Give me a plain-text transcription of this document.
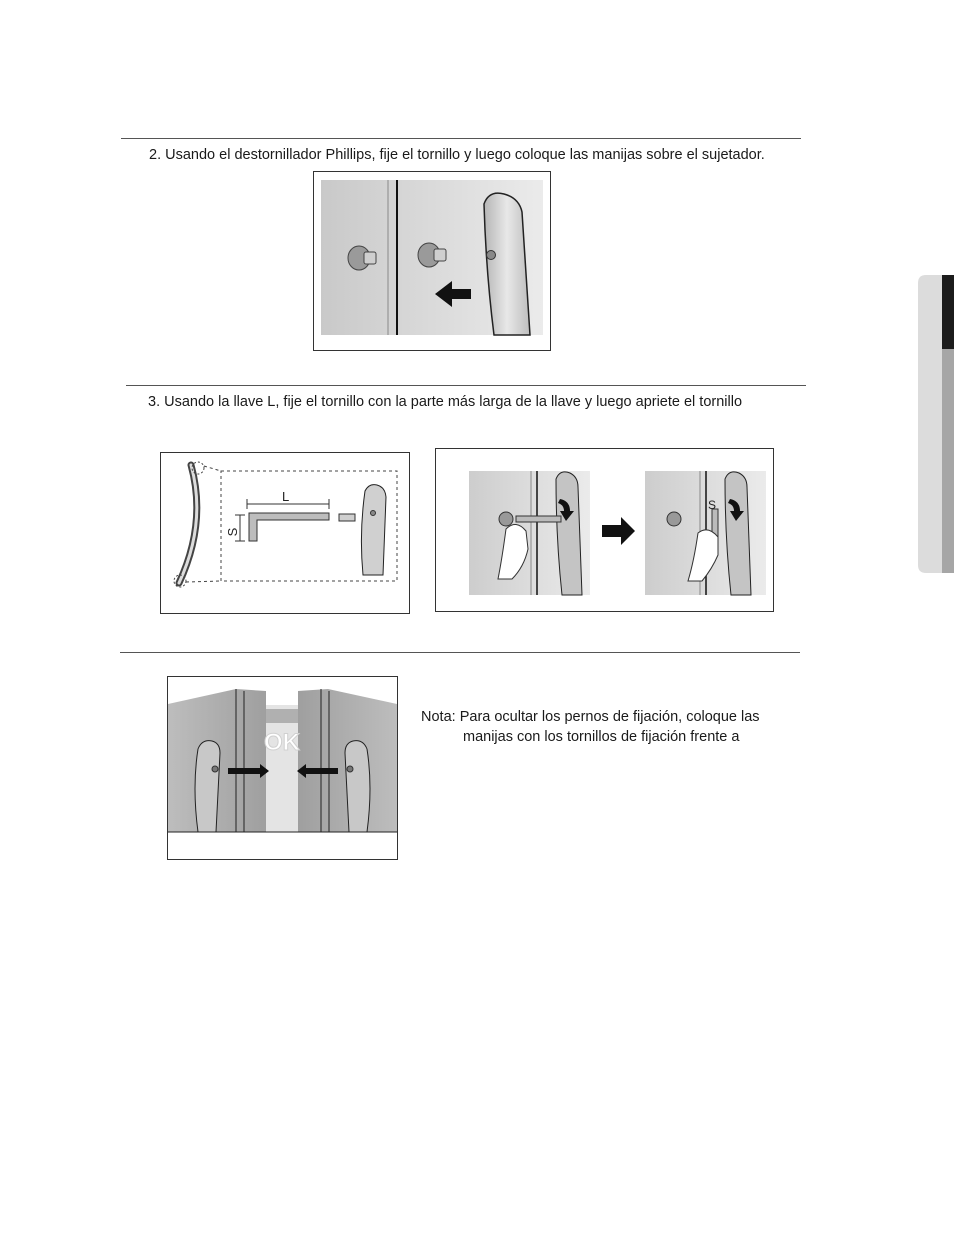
2. Usando el destornillador Phillips, fije el tornillo y luego coloque las manijas sobre el sujetador.
3. Usando la llave L, fije el tornillo con la parte más larga de la llave y luego apriete el tornillo
L
S
S
OK
Nota: Para ocultar los pernos de fijación, coloque las
manijas con los tornillos de fijación frente a
